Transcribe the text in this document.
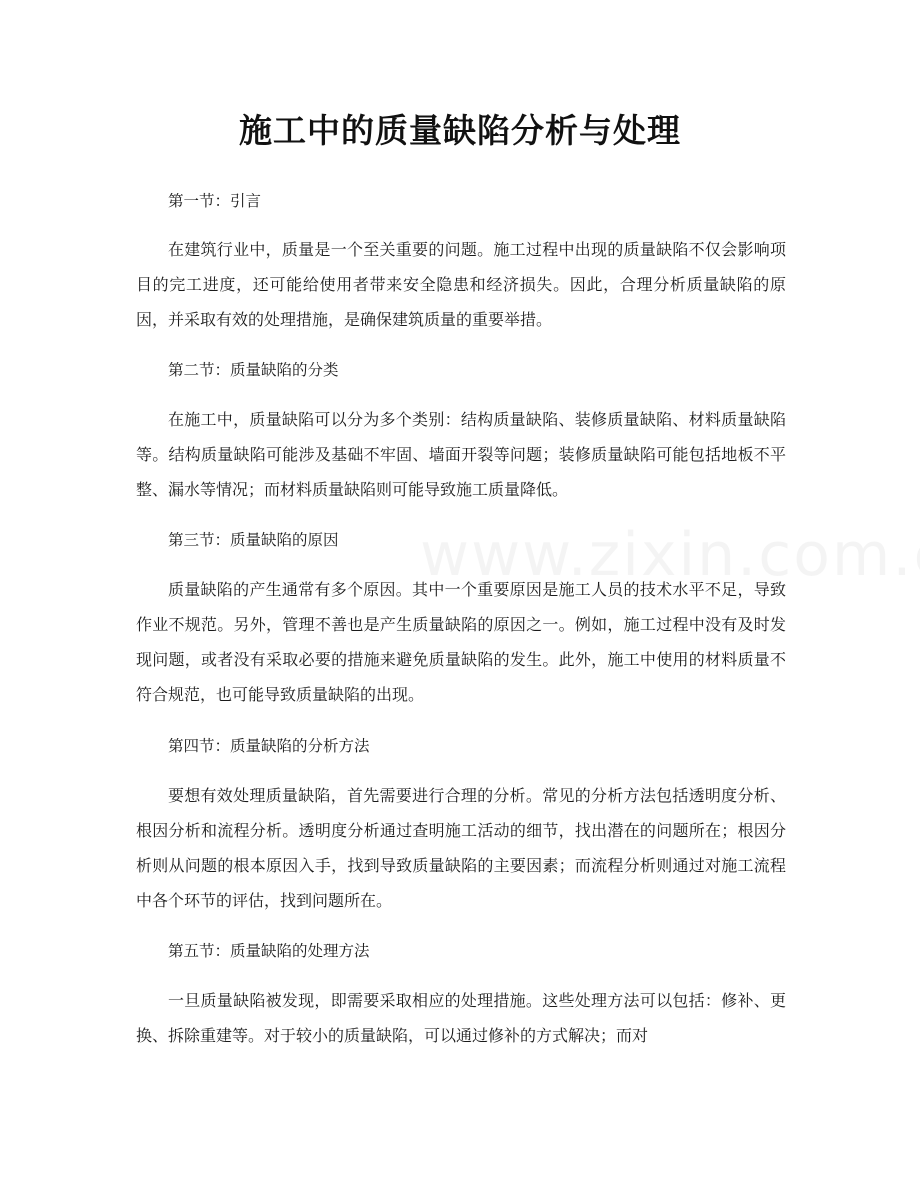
施工中的质量缺陷分析与处理
第一节：引言
在建筑行业中，质量是一个至关重要的问题。施工过程中出现的质量缺陷不仅会影响项目的完工进度，还可能给使用者带来安全隐患和经济损失。因此，合理分析质量缺陷的原因，并采取有效的处理措施，是确保建筑质量的重要举措。
第二节：质量缺陷的分类
在施工中，质量缺陷可以分为多个类别：结构质量缺陷、装修质量缺陷、材料质量缺陷等。结构质量缺陷可能涉及基础不牢固、墙面开裂等问题；装修质量缺陷可能包括地板不平整、漏水等情况；而材料质量缺陷则可能导致施工质量降低。
第三节：质量缺陷的原因
质量缺陷的产生通常有多个原因。其中一个重要原因是施工人员的技术水平不足，导致作业不规范。另外，管理不善也是产生质量缺陷的原因之一。例如，施工过程中没有及时发现问题，或者没有采取必要的措施来避免质量缺陷的发生。此外，施工中使用的材料质量不符合规范，也可能导致质量缺陷的出现。
第四节：质量缺陷的分析方法
要想有效处理质量缺陷，首先需要进行合理的分析。常见的分析方法包括透明度分析、根因分析和流程分析。透明度分析通过查明施工活动的细节，找出潜在的问题所在；根因分析则从问题的根本原因入手，找到导致质量缺陷的主要因素；而流程分析则通过对施工流程中各个环节的评估，找到问题所在。
第五节：质量缺陷的处理方法
一旦质量缺陷被发现，即需要采取相应的处理措施。这些处理方法可以包括：修补、更换、拆除重建等。对于较小的质量缺陷，可以通过修补的方式解决；而对
